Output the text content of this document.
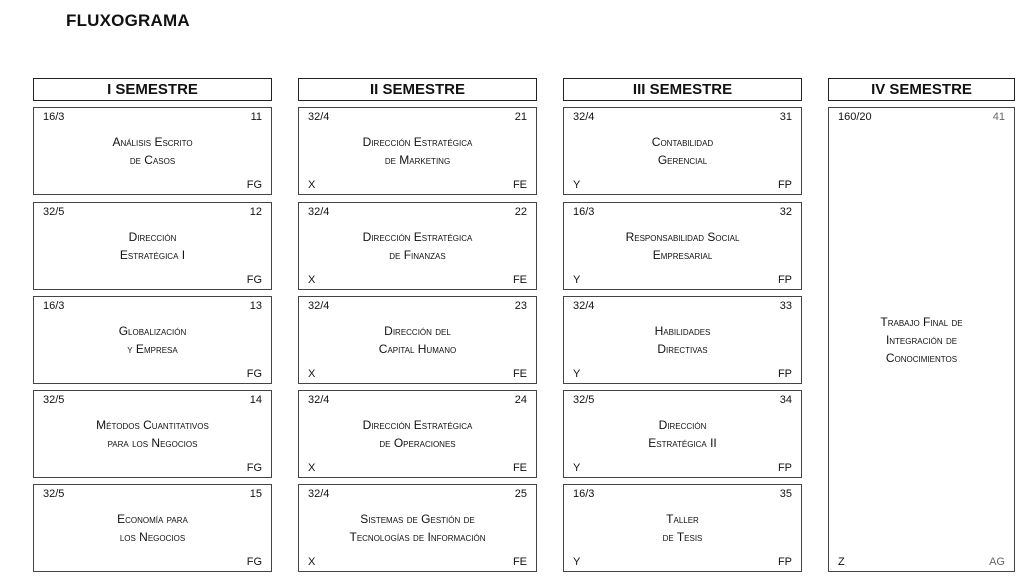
FLUXOGRAMA
I SEMESTRE
16/3	11
Análisis Escrito
de Casos
FG
32/5	12
Dirección
Estratégica I
FG
16/3	13
Globalización
y Empresa
FG
32/5	14
Métodos Cuantitativos
para los Negocios
FG
32/5	15
Economía para
los Negocios
FG
II SEMESTRE
32/4	21
Dirección Estratégica
de Marketing
X	FE
32/4	22
Dirección Estratégica
de Finanzas
X	FE
32/4	23
Dirección del
Capital Humano
X	FE
32/4	24
Dirección Estratégica
de Operaciones
X	FE
32/4	25
Sistemas de Gestión de
Tecnologías de Información
X	FE
III SEMESTRE
32/4	31
Contabilidad
Gerencial
Y	FP
16/3	32
Responsabilidad Social
Empresarial
Y	FP
32/4	33
Habilidades
Directivas
Y	FP
32/5	34
Dirección
Estratégica II
Y	FP
16/3	35
Taller
de Tesis
Y	FP
IV SEMESTRE
160/20	41
Trabajo Final de
Integración de
Conocimientos
Z	AG
